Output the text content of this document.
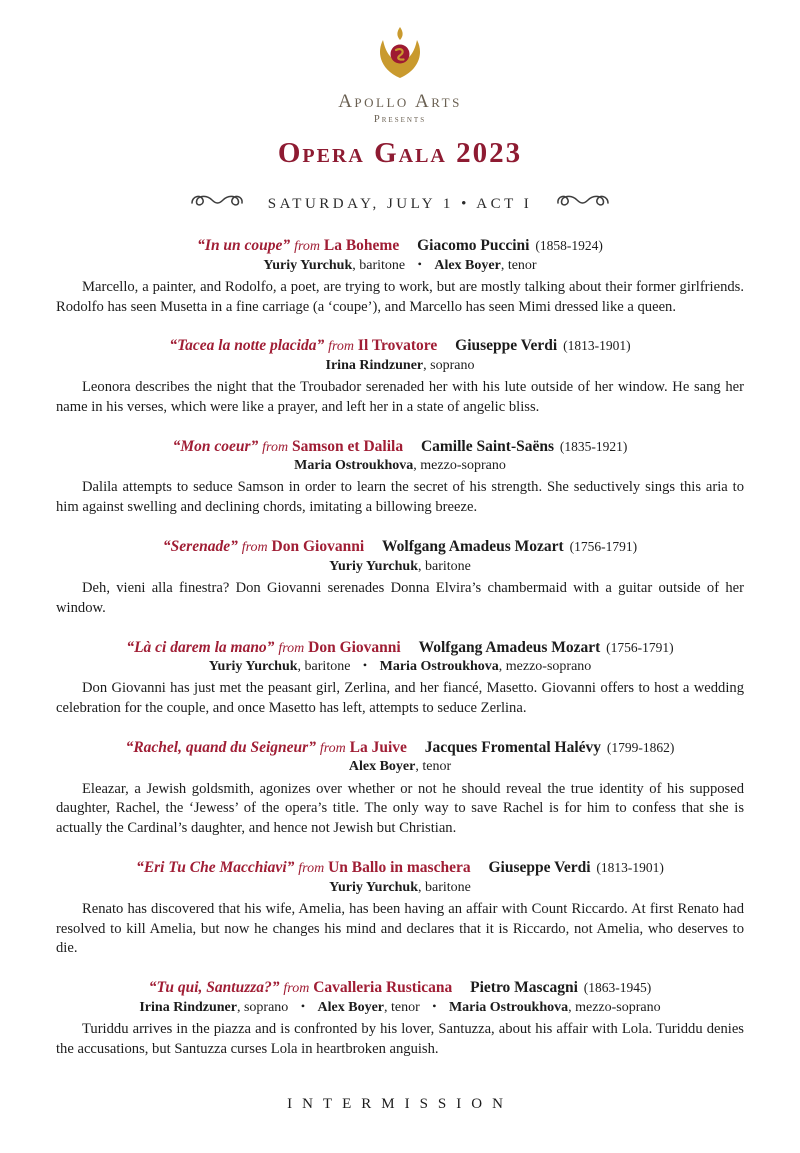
Apollo Arts
Presents
Opera Gala 2023
SATURDAY, JULY 1 • ACT I
“In un coupe” from La Boheme Giacomo Puccini (1858-1924)
Yuriy Yurchuk, baritone • Alex Boyer, tenor

Marcello, a painter, and Rodolfo, a poet, are trying to work, but are mostly talking about their former girlfriends. Rodolfo has seen Musetta in a fine carriage (a ‘coupe’), and Marcello has seen Mimi dressed like a queen.

“Tacea la notte placida” from Il Trovatore Giuseppe Verdi (1813-1901)
Irina Rindzuner, soprano

Leonora describes the night that the Troubador serenaded her with his lute outside of her window. He sang her name in his verses, which were like a prayer, and left her in a state of angelic bliss.

“Mon coeur” from Samson et Dalila Camille Saint-Saëns (1835-1921)
Maria Ostroukhova, mezzo-soprano

Dalila attempts to seduce Samson in order to learn the secret of his strength. She seductively sings this aria to him against swelling and declining chords, imitating a billowing breeze.

“Serenade” from Don Giovanni Wolfgang Amadeus Mozart (1756-1791)
Yuriy Yurchuk, baritone

Deh, vieni alla finestra? Don Giovanni serenades Donna Elvira’s chambermaid with a guitar outside of her window.

“Là ci darem la mano” from Don Giovanni Wolfgang Amadeus Mozart (1756-1791)
Yuriy Yurchuk, baritone • Maria Ostroukhova, mezzo-soprano

Don Giovanni has just met the peasant girl, Zerlina, and her fiancé, Masetto. Giovanni offers to host a wedding celebration for the couple, and once Masetto has left, attempts to seduce Zerlina.

“Rachel, quand du Seigneur” from La Juive Jacques Fromental Halévy (1799-1862)
Alex Boyer, tenor

Eleazar, a Jewish goldsmith, agonizes over whether or not he should reveal the true identity of his supposed daughter, Rachel, the ‘Jewess’ of the opera’s title. The only way to save Rachel is for him to confess that she is actually the Cardinal’s daughter, and hence not Jewish but Christian.

“Eri Tu Che Macchiavi” from Un Ballo in maschera Giuseppe Verdi (1813-1901)
Yuriy Yurchuk, baritone

Renato has discovered that his wife, Amelia, has been having an affair with Count Riccardo. At first Renato had resolved to kill Amelia, but now he changes his mind and declares that it is Riccardo, not Amelia, who deserves to die.

“Tu qui, Santuzza?” from Cavalleria Rusticana Pietro Mascagni (1863-1945)
Irina Rindzuner, soprano • Alex Boyer, tenor • Maria Ostroukhova, mezzo-soprano

Turiddu arrives in the piazza and is confronted by his lover, Santuzza, about his affair with Lola. Turiddu denies the accusations, but Santuzza curses Lola in heartbroken anguish.

INTERMISSION
